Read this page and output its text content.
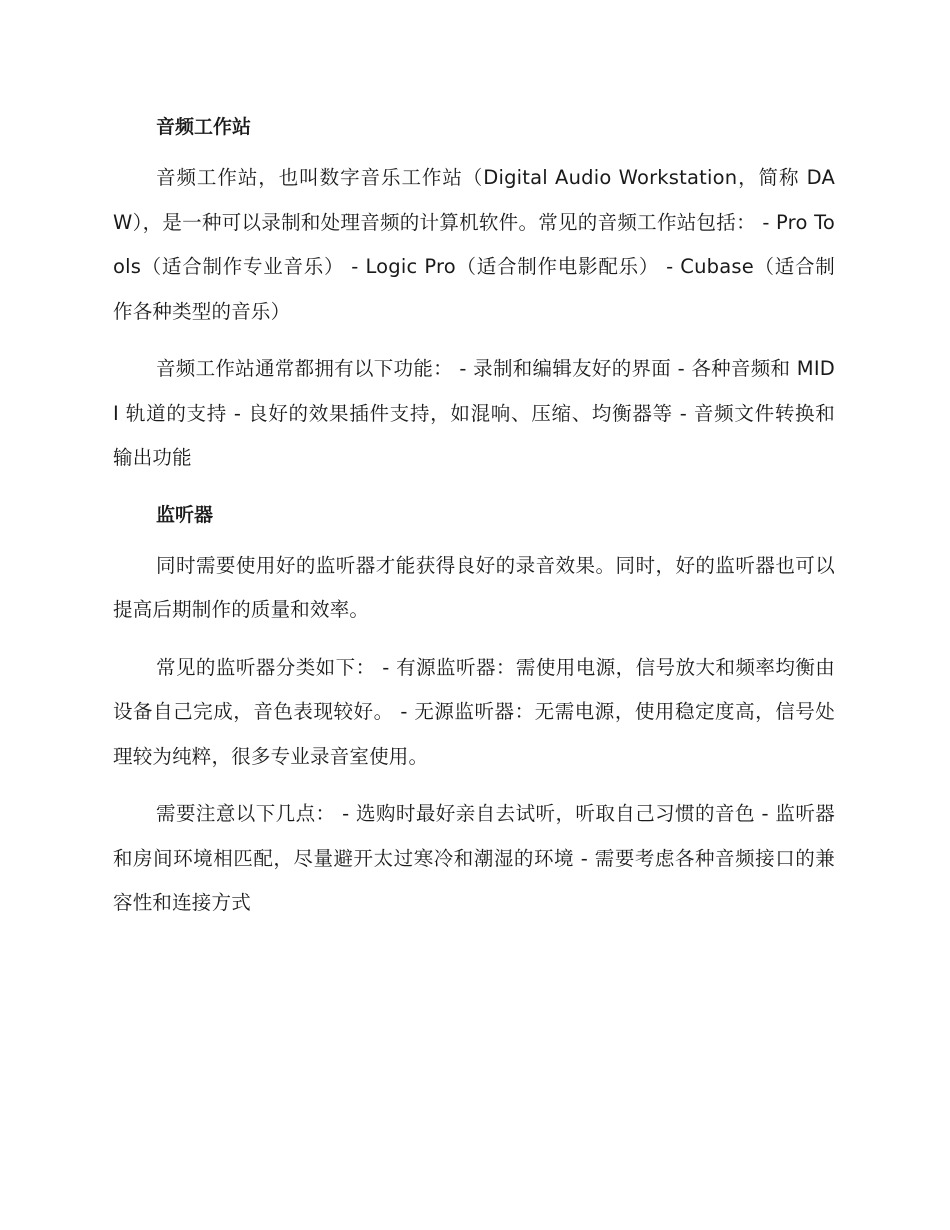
音频工作站

音频工作站，也叫数字音乐工作站（Digital Audio Workstation，简称 DAW），是一种可以录制和处理音频的计算机软件。常见的音频工作站包括： - Pro Tools（适合制作专业音乐） - Logic Pro（适合制作电影配乐） - Cubase（适合制作各种类型的音乐）

音频工作站通常都拥有以下功能： - 录制和编辑友好的界面 - 各种音频和 MIDI 轨道的支持 - 良好的效果插件支持，如混响、压缩、均衡器等 - 音频文件转换和输出功能

监听器

同时需要使用好的监听器才能获得良好的录音效果。同时，好的监听器也可以提高后期制作的质量和效率。

常见的监听器分类如下： - 有源监听器：需使用电源，信号放大和频率均衡由设备自己完成，音色表现较好。 - 无源监听器：无需电源，使用稳定度高，信号处理较为纯粹，很多专业录音室使用。

需要注意以下几点： - 选购时最好亲自去试听，听取自己习惯的音色 - 监听器和房间环境相匹配，尽量避开太过寒冷和潮湿的环境 - 需要考虑各种音频接口的兼容性和连接方式
